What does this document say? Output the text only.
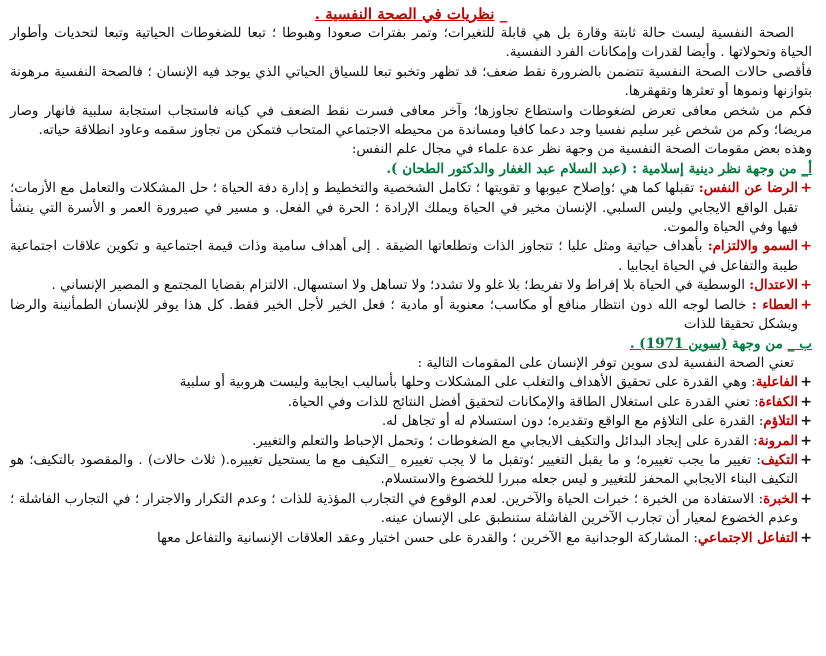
_ نظريات في الصحة النفسية .

الصحة النفسية ليست حالة ثابتة وقارة بل هي قابلة للتغيرات؛ وتمر بفترات صعودا وهبوطا ؛ تبعا للضغوطات الحياتية وتبعا لتحديات وأطوار الحياة وتحولاتها . وأيضا لقدرات وإمكانات الفرد النفسية.

فأقصى حالات الصحة النفسية تتضمن بالضرورة نقط ضعف؛ قد تظهر وتخبو تبعا للسياق الحياتي الذي يوجد فيه الإنسان ؛ فالصحة النفسية مرهونة بتوازنها ونموها أو تعثرها وتقهقرها.

فكم من شخص معافى تعرض لضغوطات واستطاع تجاوزها؛ وآخر معافى فسرت نقط الضعف في كيانه فاستجاب استجابة سلبية فانهار وصار مريضا؛ وكم من شخص غير سليم نفسيا وجد دعما كافيا ومساندة من محيطه الاجتماعي المتحاب فتمكن من تجاوز سقمه وعاود انطلاقة حياته.

وهذه بعض مقومات الصحة النفسية من وجهة نظر عدة علماء في مجال علم النفس:

أ_ من وجهة نظر دينية إسلامية : (عبد السلام عبد الغفار والدكتور الطحان ).

+
الرضا عن النفس: تقبلها كما هي ؛وإصلاح عيوبها و تقويتها ؛ تكامل الشخصية والتخطيط و إدارة دفة الحياة ؛ حل المشكلات والتعامل مع الأزمات؛ تقبل الواقع الايجابي وليس السلبي. الإنسان مخير في الحياة ويملك الإرادة ؛ الحرة في الفعل. و مسير في صيرورة العمر و الأسرة التي ينشأ فيها وفي الحياة والموت.

+
السمو والالتزام: بأهداف حياتية ومثل عليا ؛ تتجاوز الذات وتطلعاتها الضيقة . إلى أهداف سامية وذات قيمة اجتماعية و تكوين علاقات اجتماعية طيبة والتفاعل في الحياة ايجابيا .

+
الاعتدال: الوسطية في الحياة بلا إفراط ولا تفريط؛ بلا غلو ولا تشدد؛ ولا تساهل ولا استسهال. الالتزام بقضايا المجتمع و المصير الإنساني .

+
العطاء : خالصا لوجه الله دون انتظار منافع أو مكاسب؛ معنوية أو مادية ؛ فعل الخير لأجل الخير فقط. كل هذا يوفر للإنسان الطمأنينة والرضا وبشكل تحقيقا للذات

ب _ من وجهة (سوين 1971) .

تعني الصحة النفسية لدى سوين توفر الإنسان على المقومات التالية :

+
الفاعلية: وهي القدرة على تحقيق الأهداف والتغلب على المشكلات وحلها بأساليب ايجابية وليست هروبية أو سلبية

+
الكفاءة: تعني القدرة على استغلال الطاقة والإمكانات لتحقيق أفضل النتائج للذات وفي الحياة.

+
التلاؤم: القدرة على التلاؤم مع الواقع وتقديره؛ دون استسلام له أو تجاهل له.

+
المرونة: القدرة على إيجاد البدائل والتكيف الايجابي مع الضغوطات ؛ وتحمل الإحباط والتعلم والتغيير.

+
التكيف: تغيير ما يجب تغييره؛ و ما يقبل التغيير ؛وتقبل ما لا يجب تغييره _التكيف مع ما يستحيل تغييره.( ثلاث حالات) . والمقصود بالتكيف؛ هو التكيف البناء الايجابي المحفز للتغيير و ليس جعله مبررا للخضوع والاستسلام.

+
الخبرة: الاستفادة من الخبرة ؛ خبرات الحياة والآخرين. لعدم الوقوع في التجارب المؤذية للذات ؛ وعدم التكرار والاجترار ؛ في التجارب الفاشلة ؛ وعدم الخضوع لمعيار أن تجارب الآخرين الفاشلة ستنطبق على الإنسان عينه.

+
التفاعل الاجتماعي: المشاركة الوجدانية مع الآخرين ؛ والقدرة على حسن اختيار وعقد العلاقات الإنسانية والتفاعل معها
